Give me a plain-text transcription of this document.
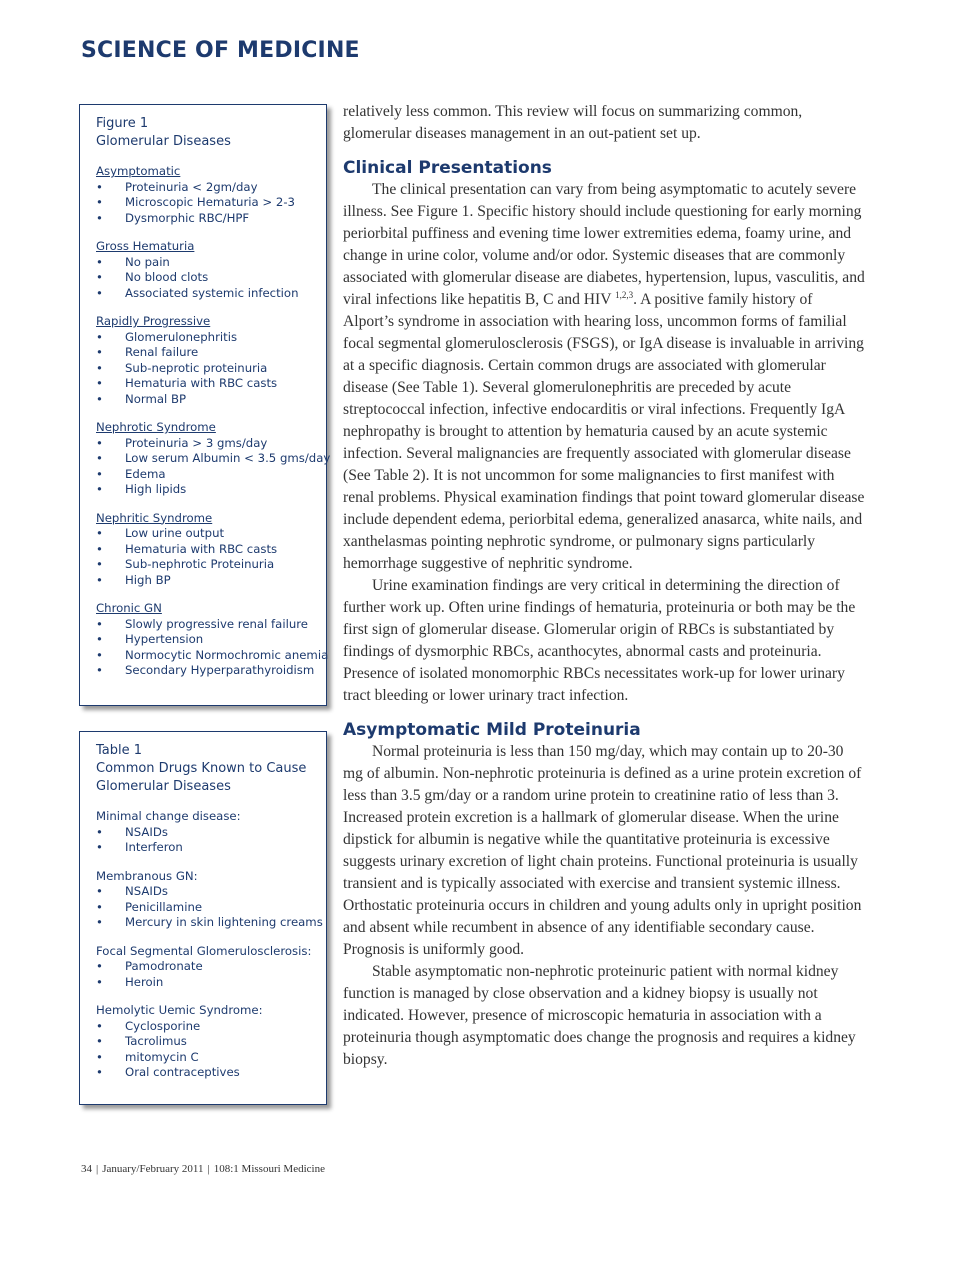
SCIENCE OF MEDICINE
Figure 1
Glomerular Diseases
Asymptomatic
• Proteinuria < 2gm/day
• Microscopic Hematuria > 2-3
• Dysmorphic RBC/HPF
Gross Hematuria
• No pain
• No blood clots
• Associated systemic infection
Rapidly Progressive
• Glomerulonephritis
• Renal failure
• Sub-neprotic proteinuria
• Hematuria with RBC casts
• Normal BP
Nephrotic Syndrome
• Proteinuria > 3 gms/day
• Low serum Albumin < 3.5 gms/day
• Edema
• High lipids
Nephritic Syndrome
• Low urine output
• Hematuria with RBC casts
• Sub-nephrotic Proteinuria
• High BP
Chronic GN
• Slowly progressive renal failure
• Hypertension
• Normocytic Normochromic anemia
• Secondary Hyperparathyroidism
Table 1
Common Drugs Known to Cause
Glomerular Diseases
Minimal change disease:
• NSAIDs
• Interferon
Membranous GN:
• NSAIDs
• Penicillamine
• Mercury in skin lightening creams
Focal Segmental Glomerulosclerosis:
• Pamodronate
• Heroin
Hemolytic Uemic Syndrome:
• Cyclosporine
• Tacrolimus
• mitomycin C
• Oral contraceptives

relatively less common. This review will focus on summarizing common, glomerular diseases management in an out-patient set up.

Clinical Presentations

The clinical presentation can vary from being asymptomatic to acutely severe illness. See Figure 1. Specific history should include questioning for early morning periorbital puffiness and evening time lower extremities edema, foamy urine, and change in urine color, volume and/or odor. Systemic diseases that are commonly associated with glomerular disease are diabetes, hypertension, lupus, vasculitis, and viral infections like hepatitis B, C and HIV $^{1,2,3}$. A positive family history of Alport’s syndrome in association with hearing loss, uncommon forms of familial focal segmental glomerulosclerosis (FSGS), or IgA disease is invaluable in arriving at a specific diagnosis. Certain common drugs are associated with glomerular disease (See Table 1). Several glomerulonephritis are preceded by acute streptococcal infection, infective endocarditis or viral infections. Frequently IgA nephropathy is brought to attention by hematuria caused by an acute systemic infection. Several malignancies are frequently associated with glomerular disease (See Table 2). It is not uncommon for some malignancies to first manifest with renal problems. Physical examination findings that point toward glomerular disease include dependent edema, periorbital edema, generalized anasarca, white nails, and xanthelasmas pointing nephrotic syndrome, or pulmonary signs particularly hemorrhage suggestive of nephritic syndrome.

Urine examination findings are very critical in determining the direction of further work up. Often urine findings of hematuria, proteinuria or both may be the first sign of glomerular disease. Glomerular origin of RBCs is substantiated by findings of dysmorphic RBCs, acanthocytes, abnormal casts and proteinuria. Presence of isolated monomorphic RBCs necessitates work-up for lower urinary tract bleeding or lower urinary tract infection.

Asymptomatic Mild Proteinuria

Normal proteinuria is less than 150 mg/day, which may contain up to 20-30 mg of albumin. Non-nephrotic proteinuria is defined as a urine protein excretion of less than 3.5 gm/day or a random urine protein to creatinine ratio of less than 3. Increased protein excretion is a hallmark of glomerular disease. When the urine dipstick for albumin is negative while the quantitative proteinuria is excessive suggests urinary excretion of light chain proteins. Functional proteinuria is usually transient and is typically associated with exercise and transient systemic illness. Orthostatic proteinuria occurs in children and young adults only in upright position and absent while recumbent in absence of any identifiable secondary cause. Prognosis is uniformly good.

Stable asymptomatic non-nephrotic proteinuric patient with normal kidney function is managed by close observation and a kidney biopsy is usually not indicated. However, presence of microscopic hematuria in association with a proteinuria though asymptomatic does change the prognosis and requires a kidney biopsy.

34 | January/February 2011 | 108:1 Missouri Medicine
